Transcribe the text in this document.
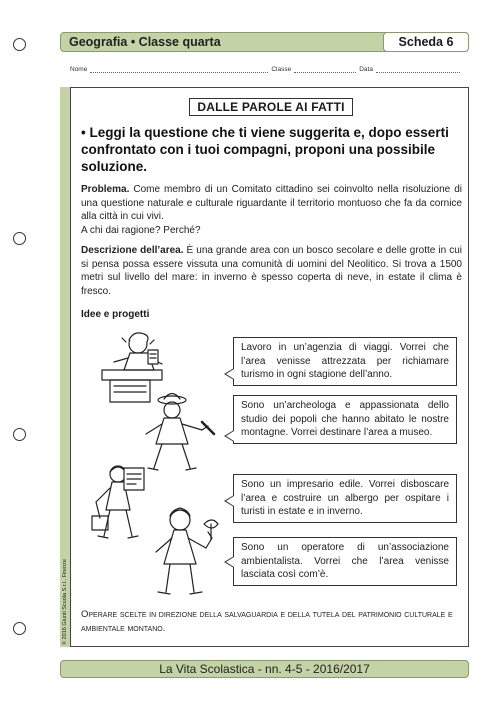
Geografia • Classe quarta	Scheda 6
Nome	Classe	Data
© 2016 Giunti Scuola S.r.l., Firenze
DALLE PAROLE AI FATTI
• Leggi la questione che ti viene suggerita e, dopo esserti confrontato con i tuoi compagni, proponi una possibile soluzione.
Problema. Come membro di un Comitato cittadino sei coinvolto nella risoluzione di una questione naturale e culturale riguardante il territorio montuoso che fa da cornice alla città in cui vivi.
A chi dai ragione? Perché?
Descrizione dell’area. È una grande area con un bosco secolare e delle grotte in cui si pensa possa essere vissuta una comunità di uomini del Neolitico. Si trova a 1500 metri sul livello del mare: in inverno è spesso coperta di neve, in estate il clima è fresco.
Idee e progetti
Lavoro in un’agenzia di viaggi. Vorrei che l’area venisse attrezzata per richiamare turismo in ogni stagione dell’anno.
Sono un’archeologa e appassionata dello studio dei popoli che hanno abitato le nostre montagne. Vorrei destinare l’area a museo.
Sono un impresario edile. Vorrei disboscare l’area e costruire un albergo per ospitare i turisti in estate e in inverno.
Sono un operatore di un’associazione ambientalista. Vorrei che l’area venisse lasciata così com’è.
Operare scelte in direzione della salvaguardia e della tutela del patrimonio culturale e ambientale montano.
La Vita Scolastica - nn. 4-5 - 2016/2017
